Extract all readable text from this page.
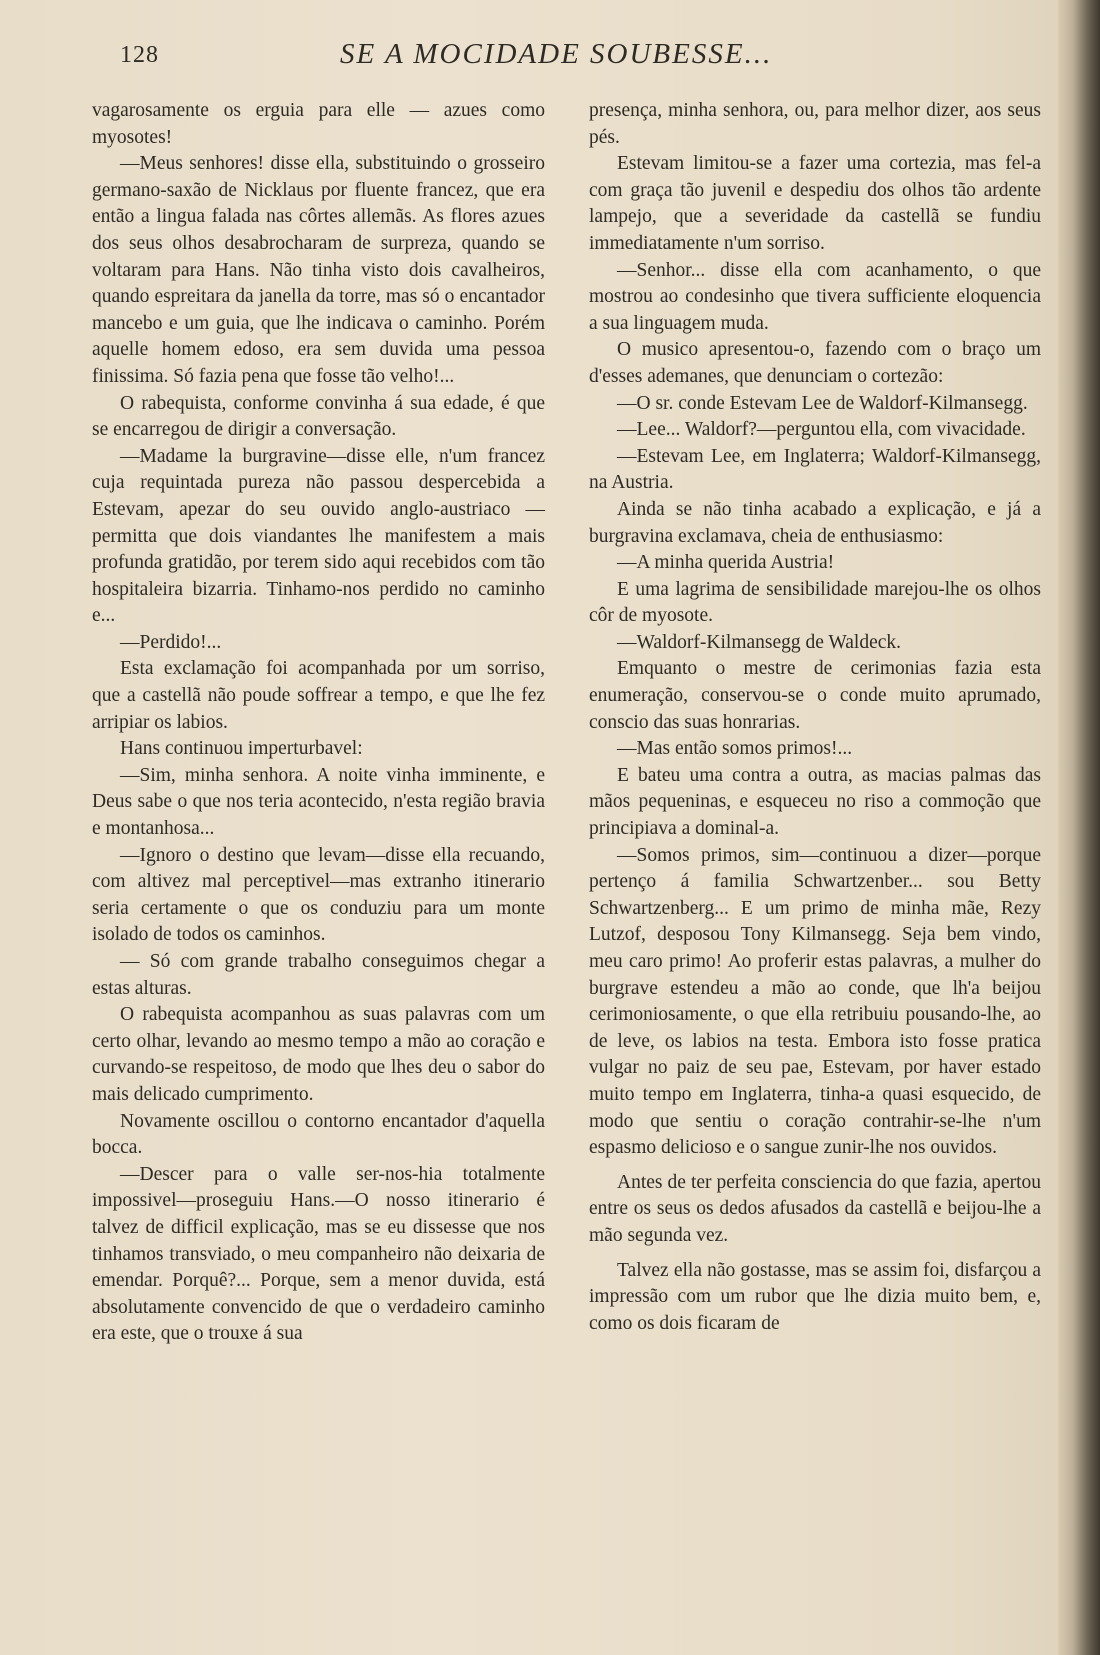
128	SE A MOCIDADE SOUBESSE...

vagarosamente os erguia para elle — azues como myosotes!

—Meus senhores! disse ella, substituindo o grosseiro germano-saxão de Nicklaus por fluente francez, que era então a lingua falada nas côrtes allemãs. As flores azues dos seus olhos desabrocharam de surpreza, quando se voltaram para Hans. Não tinha visto dois cavalheiros, quando espreitara da janella da torre, mas só o encantador mancebo e um guia, que lhe indicava o caminho. Porém aquelle homem edoso, era sem duvida uma pessoa finissima. Só fazia pena que fosse tão velho!...

O rabequista, conforme convinha á sua edade, é que se encarregou de dirigir a conversação.

—Madame la burgravine—disse elle, n'um francez cuja requintada pureza não passou despercebida a Estevam, apezar do seu ouvido anglo-austriaco — permitta que dois viandantes lhe manifestem a mais profunda gratidão, por terem sido aqui recebidos com tão hospitaleira bizarria. Tinhamo-nos perdido no caminho e...

—Perdido!...

Esta exclamação foi acompanhada por um sorriso, que a castellã não poude soffrear a tempo, e que lhe fez arripiar os labios.

Hans continuou imperturbavel:

—Sim, minha senhora. A noite vinha imminente, e Deus sabe o que nos teria acontecido, n'esta região bravia e montanhosa...

—Ignoro o destino que levam—disse ella recuando, com altivez mal perceptivel—mas extranho itinerario seria certamente o que os conduziu para um monte isolado de todos os caminhos.

— Só com grande trabalho conseguimos chegar a estas alturas.

O rabequista acompanhou as suas palavras com um certo olhar, levando ao mesmo tempo a mão ao coração e curvando-se respeitoso, de modo que lhes deu o sabor do mais delicado cumprimento.

Novamente oscillou o contorno encantador d'aquella bocca.

—Descer para o valle ser-nos-hia totalmente impossivel—proseguiu Hans.—O nosso itinerario é talvez de difficil explicação, mas se eu dissesse que nos tinhamos transviado, o meu companheiro não deixaria de emendar. Porquê?... Porque, sem a menor duvida, está absolutamente convencido de que o verdadeiro caminho era este, que o trouxe á sua

presença, minha senhora, ou, para melhor dizer, aos seus pés.

Estevam limitou-se a fazer uma cortezia, mas fel-a com graça tão juvenil e despediu dos olhos tão ardente lampejo, que a severidade da castellã se fundiu immediatamente n'um sorriso.

—Senhor... disse ella com acanhamento, o que mostrou ao condesinho que tivera sufficiente eloquencia a sua linguagem muda.

O musico apresentou-o, fazendo com o braço um d'esses ademanes, que denunciam o cortezão:

—O sr. conde Estevam Lee de Waldorf-Kilmansegg.

—Lee... Waldorf?—perguntou ella, com vivacidade.

—Estevam Lee, em Inglaterra; Waldorf-Kilmansegg, na Austria.

Ainda se não tinha acabado a explicação, e já a burgravina exclamava, cheia de enthusiasmo:

—A minha querida Austria!

E uma lagrima de sensibilidade marejou-lhe os olhos côr de myosote.

—Waldorf-Kilmansegg de Waldeck.

Emquanto o mestre de cerimonias fazia esta enumeração, conservou-se o conde muito aprumado, conscio das suas honrarias.

—Mas então somos primos!...

E bateu uma contra a outra, as macias palmas das mãos pequeninas, e esqueceu no riso a commoção que principiava a dominal-a.

—Somos primos, sim—continuou a dizer—porque pertenço á familia Schwartzenber... sou Betty Schwartzenberg... E um primo de minha mãe, Rezy Lutzof, desposou Tony Kilmansegg. Seja bem vindo, meu caro primo! Ao proferir estas palavras, a mulher do burgrave estendeu a mão ao conde, que lh'a beijou cerimoniosamente, o que ella retribuiu pousando-lhe, ao de leve, os labios na testa. Embora isto fosse pratica vulgar no paiz de seu pae, Estevam, por haver estado muito tempo em Inglaterra, tinha-a quasi esquecido, de modo que sentiu o coração contrahir-se-lhe n'um espasmo delicioso e o sangue zunir-lhe nos ouvidos.

Antes de ter perfeita consciencia do que fazia, apertou entre os seus os dedos afusados da castellã e beijou-lhe a mão segunda vez.

Talvez ella não gostasse, mas se assim foi, disfarçou a impressão com um rubor que lhe dizia muito bem, e, como os dois ficaram de
